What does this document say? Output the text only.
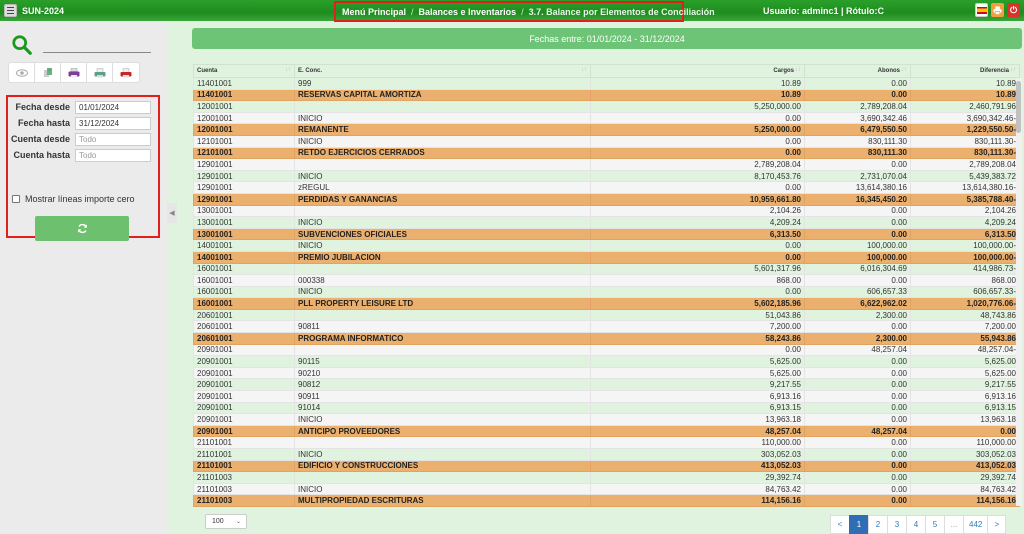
SUN-2024	Menú Principal / Balances e Inventarios / 3.7. Balance por Elementos de Conciliación	Usuario: adminc1 | Rótulo:C	⏻
Fecha desde
01/01/2024
Fecha hasta
31/12/2024
Cuenta desde
Todo
Cuenta hasta
Todo
Mostrar líneas importe cero
◀
Fechas entre: 01/01/2024 - 31/12/2024
Cuenta ↓↑	E. Conc. ↓↑	Cargos ↓↑	Abonos ↓↑	Diferencia ↓↑

11401001	999	10.89	0.00	10.89
11401001	RESERVAS CAPITAL AMORTIZA	10.89	0.00	10.89
12001001		5,250,000.00	2,789,208.04	2,460,791.96
12001001	INICIO	0.00	3,690,342.46	3,690,342.46-
12001001	REMANENTE	5,250,000.00	6,479,550.50	1,229,550.50-
12101001	INICIO	0.00	830,111.30	830,111.30-
12101001	RETDO EJERCICIOS CERRADOS	0.00	830,111.30	830,111.30-
12901001		2,789,208.04	0.00	2,789,208.04
12901001	INICIO	8,170,453.76	2,731,070.04	5,439,383.72
12901001	zREGUL	0.00	13,614,380.16	13,614,380.16-
12901001	PERDIDAS Y GANANCIAS	10,959,661.80	16,345,450.20	5,385,788.40-
13001001		2,104.26	0.00	2,104.26
13001001	INICIO	4,209.24	0.00	4,209.24
13001001	SUBVENCIONES OFICIALES	6,313.50	0.00	6,313.50
14001001	INICIO	0.00	100,000.00	100,000.00-
14001001	PREMIO JUBILACION	0.00	100,000.00	100,000.00-
16001001		5,601,317.96	6,016,304.69	414,986.73-
16001001	000338	868.00	0.00	868.00
16001001	INICIO	0.00	606,657.33	606,657.33-
16001001	PLL PROPERTY LEISURE LTD	5,602,185.96	6,622,962.02	1,020,776.06-
20601001		51,043.86	2,300.00	48,743.86
20601001	90811	7,200.00	0.00	7,200.00
20601001	PROGRAMA INFORMATICO	58,243.86	2,300.00	55,943.86
20901001		0.00	48,257.04	48,257.04-
20901001	90115	5,625.00	0.00	5,625.00
20901001	90210	5,625.00	0.00	5,625.00
20901001	90812	9,217.55	0.00	9,217.55
20901001	90911	6,913.16	0.00	6,913.16
20901001	91014	6,913.15	0.00	6,913.15
20901001	INICIO	13,963.18	0.00	13,963.18
20901001	ANTICIPO PROVEEDORES	48,257.04	48,257.04	0.00
21101001		110,000.00	0.00	110,000.00
21101001	INICIO	303,052.03	0.00	303,052.03
21101001	EDIFICIO Y CONSTRUCCIONES	413,052.03	0.00	413,052.03
21101003		29,392.74	0.00	29,392.74
21101003	INICIO	84,763.42	0.00	84,763.42
21101003	MULTIPROPIEDAD ESCRITURAS	114,156.16	0.00	114,156.16
100 ⌄	<	1	2	3	4	5	...	442	>
